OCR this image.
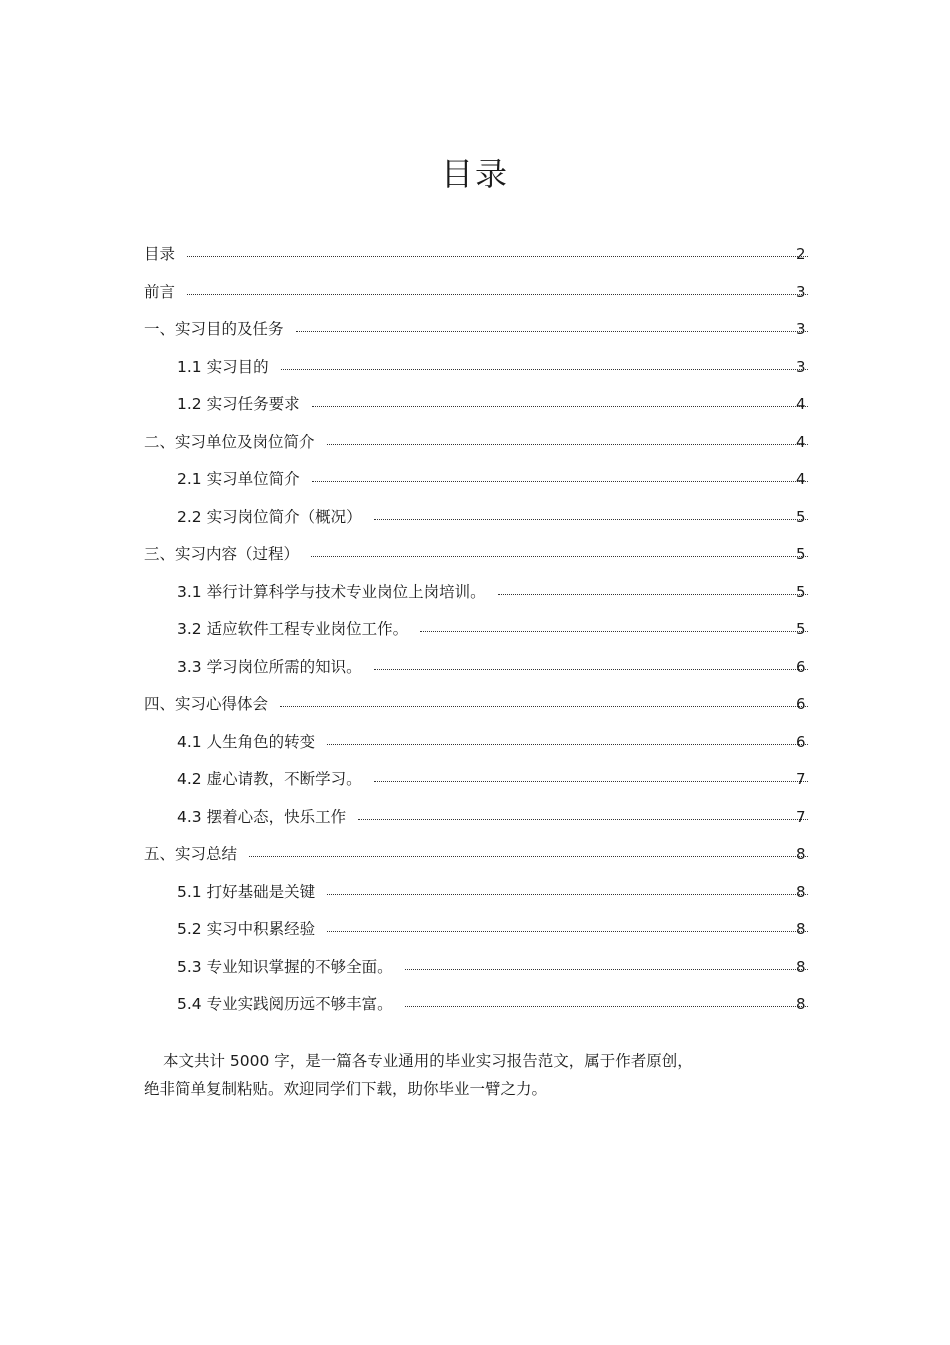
目录
目录	2
前言	3
一、实习目的及任务	3
1.1 实习目的	3
1.2 实习任务要求	4
二、实习单位及岗位简介	4
2.1 实习单位简介	4
2.2 实习岗位简介（概况）	5
三、实习内容（过程）	5
3.1 举行计算科学与技术专业岗位上岗培训。	5
3.2 适应软件工程专业岗位工作。	5
3.3 学习岗位所需的知识。	6
四、实习心得体会	6
4.1 人生角色的转变	6
4.2 虚心请教，不断学习。	7
4.3 摆着心态，快乐工作	7
五、实习总结	8
5.1 打好基础是关键	8
5.2 实习中积累经验	8
5.3 专业知识掌握的不够全面。	8
5.4 专业实践阅历远不够丰富。	8

本文共计 5000 字，是一篇各专业通用的毕业实习报告范文，属于作者原创，

绝非简单复制粘贴。欢迎同学们下载，助你毕业一臂之力。
